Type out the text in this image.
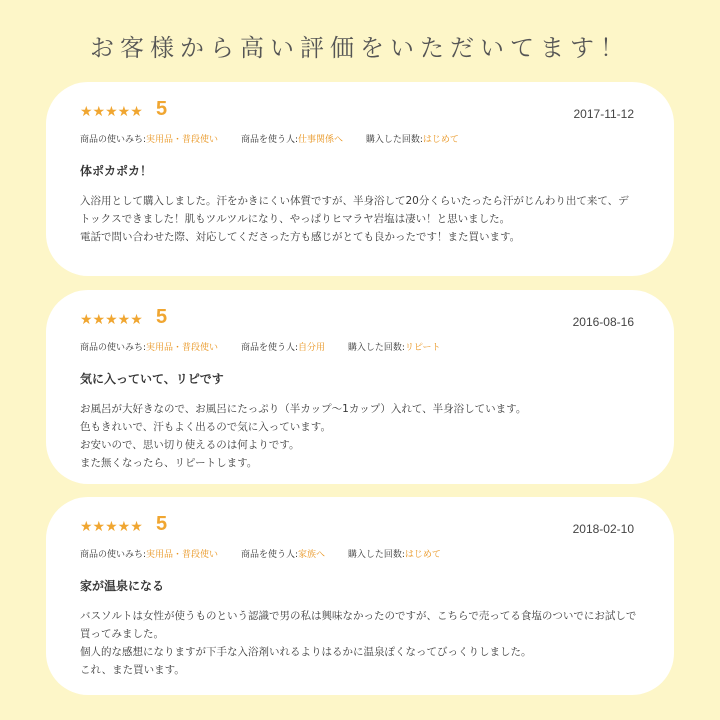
お客様から高い評価をいただいてます！
★★★★★ 5	2017-11-12
商品の使いみち:実用品・普段使い	商品を使う人:仕事関係へ	購入した回数:はじめて
体ポカポカ！
入浴用として購入しました。汗をかきにくい体質ですが、半身浴して20分くらいたったら汗がじんわり出て来て、デトックスできました！肌もツルツルになり、やっぱりヒマラヤ岩塩は凄い！と思いました。
電話で問い合わせた際、対応してくださった方も感じがとても良かったです！また買います。
★★★★★ 5	2016-08-16
商品の使いみち:実用品・普段使い	商品を使う人:自分用	購入した回数:リピート
気に入っていて、リピです
お風呂が大好きなので、お風呂にたっぷり（半カップ～1カップ）入れて、半身浴しています。
色もきれいで、汗もよく出るので気に入っています。
お安いので、思い切り使えるのは何よりです。
また無くなったら、リピートします。
★★★★★ 5	2018-02-10
商品の使いみち:実用品・普段使い	商品を使う人:家族へ	購入した回数:はじめて
家が温泉になる
バスソルトは女性が使うものという認識で男の私は興味なかったのですが、こちらで売ってる食塩のついでにお試しで買ってみました。
個人的な感想になりますが下手な入浴剤いれるよりはるかに温泉ぽくなってびっくりしました。
これ、また買います。
